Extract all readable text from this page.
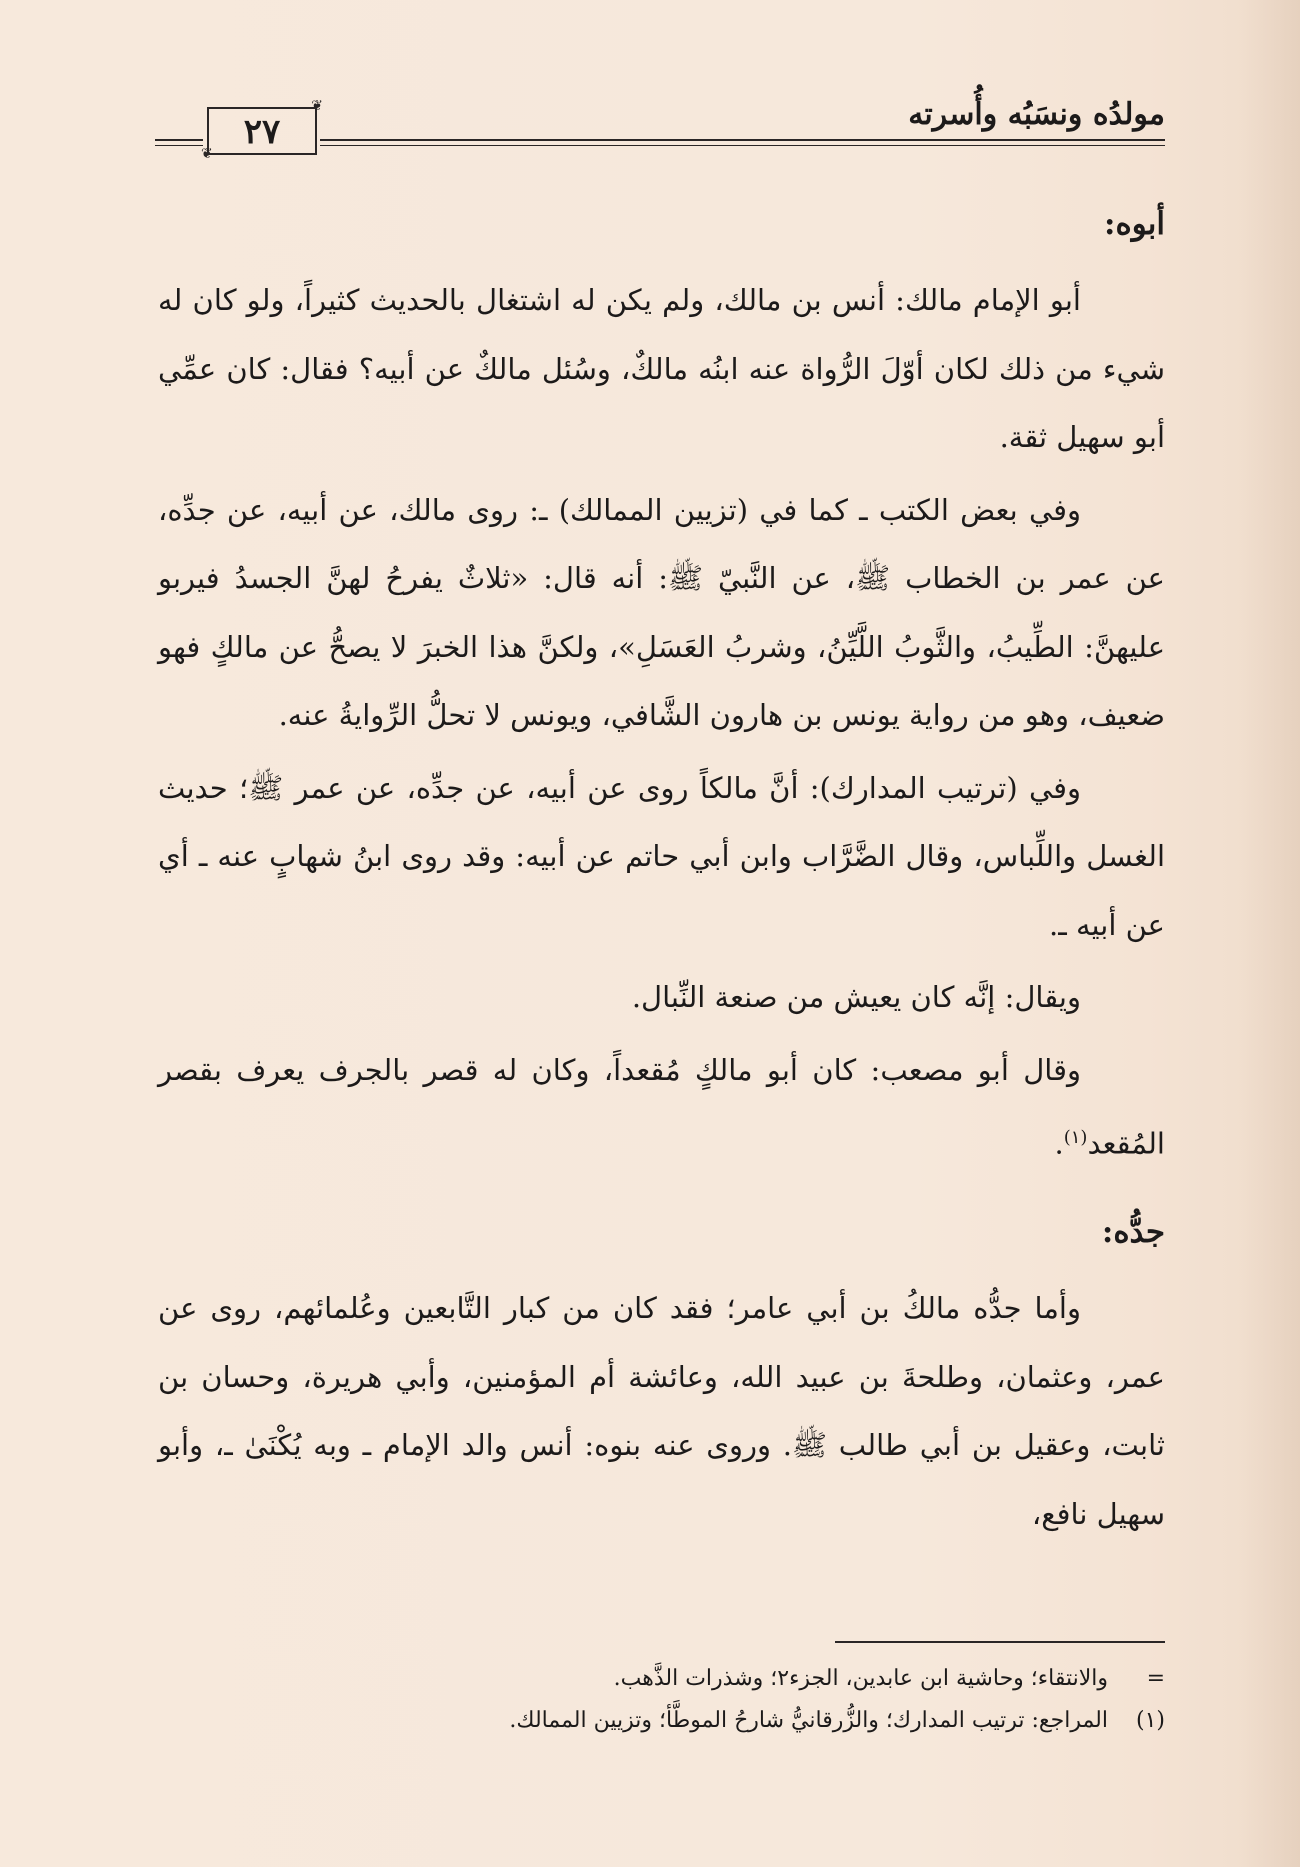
مولدُه ونسَبُه وأُسرته
❦
❦
٢٧
أبوه:

أبو الإمام مالك: أنس بن مالك، ولم يكن له اشتغال بالحديث كثيراً، ولو كان له شيء من ذلك لكان أوّلَ الرُّواة عنه ابنُه مالكٌ، وسُئل مالكٌ عن أبيه؟ فقال: كان عمِّي أبو سهيل ثقة.

وفي بعض الكتب ـ كما في (تزيين الممالك) ـ: روى مالك، عن أبيه، عن جدِّه، عن عمر بن الخطاب ﷺ، عن النَّبيّ ﷺ: أنه قال: «ثلاثٌ يفرحُ لهنَّ الجسدُ فيربو عليهنَّ: الطِّيبُ، والثَّوبُ اللَّيِّنُ، وشربُ العَسَلِ»، ولكنَّ هذا الخبرَ لا يصحُّ عن مالكٍ فهو ضعيف، وهو من رواية يونس بن هارون الشَّافي، ويونس لا تحلُّ الرِّوايةُ عنه.

وفي (ترتيب المدارك): أنَّ مالكاً روى عن أبيه، عن جدِّه، عن عمر ﷺ؛ حديث الغسل واللِّباس، وقال الضَّرَّاب وابن أبي حاتم عن أبيه: وقد روى ابنُ شهابٍ عنه ـ أي عن أبيه ـ.

ويقال: إنَّه كان يعيش من صنعة النِّبال.

وقال أبو مصعب: كان أبو مالكٍ مُقعداً، وكان له قصر بالجرف يعرف بقصر المُقعد$^{(١)}$.

جدُّه:

وأما جدُّه مالكُ بن أبي عامر؛ فقد كان من كبار التَّابعين وعُلمائهم، روى عن عمر، وعثمان، وطلحةَ بن عبيد الله، وعائشة أم المؤمنين، وأبي هريرة، وحسان بن ثابت، وعقيل بن أبي طالب ﷺ. وروى عنه بنوه: أنس والد الإمام ـ وبه يُكْنَىٰ ـ، وأبو سهيل نافع،

= والانتقاء؛ وحاشية ابن عابدين، الجزء٢؛ وشذرات الذَّهب.
(١) المراجع: ترتيب المدارك؛ والزُّرقانيُّ شارحُ الموطَّأ؛ وتزيين الممالك.
